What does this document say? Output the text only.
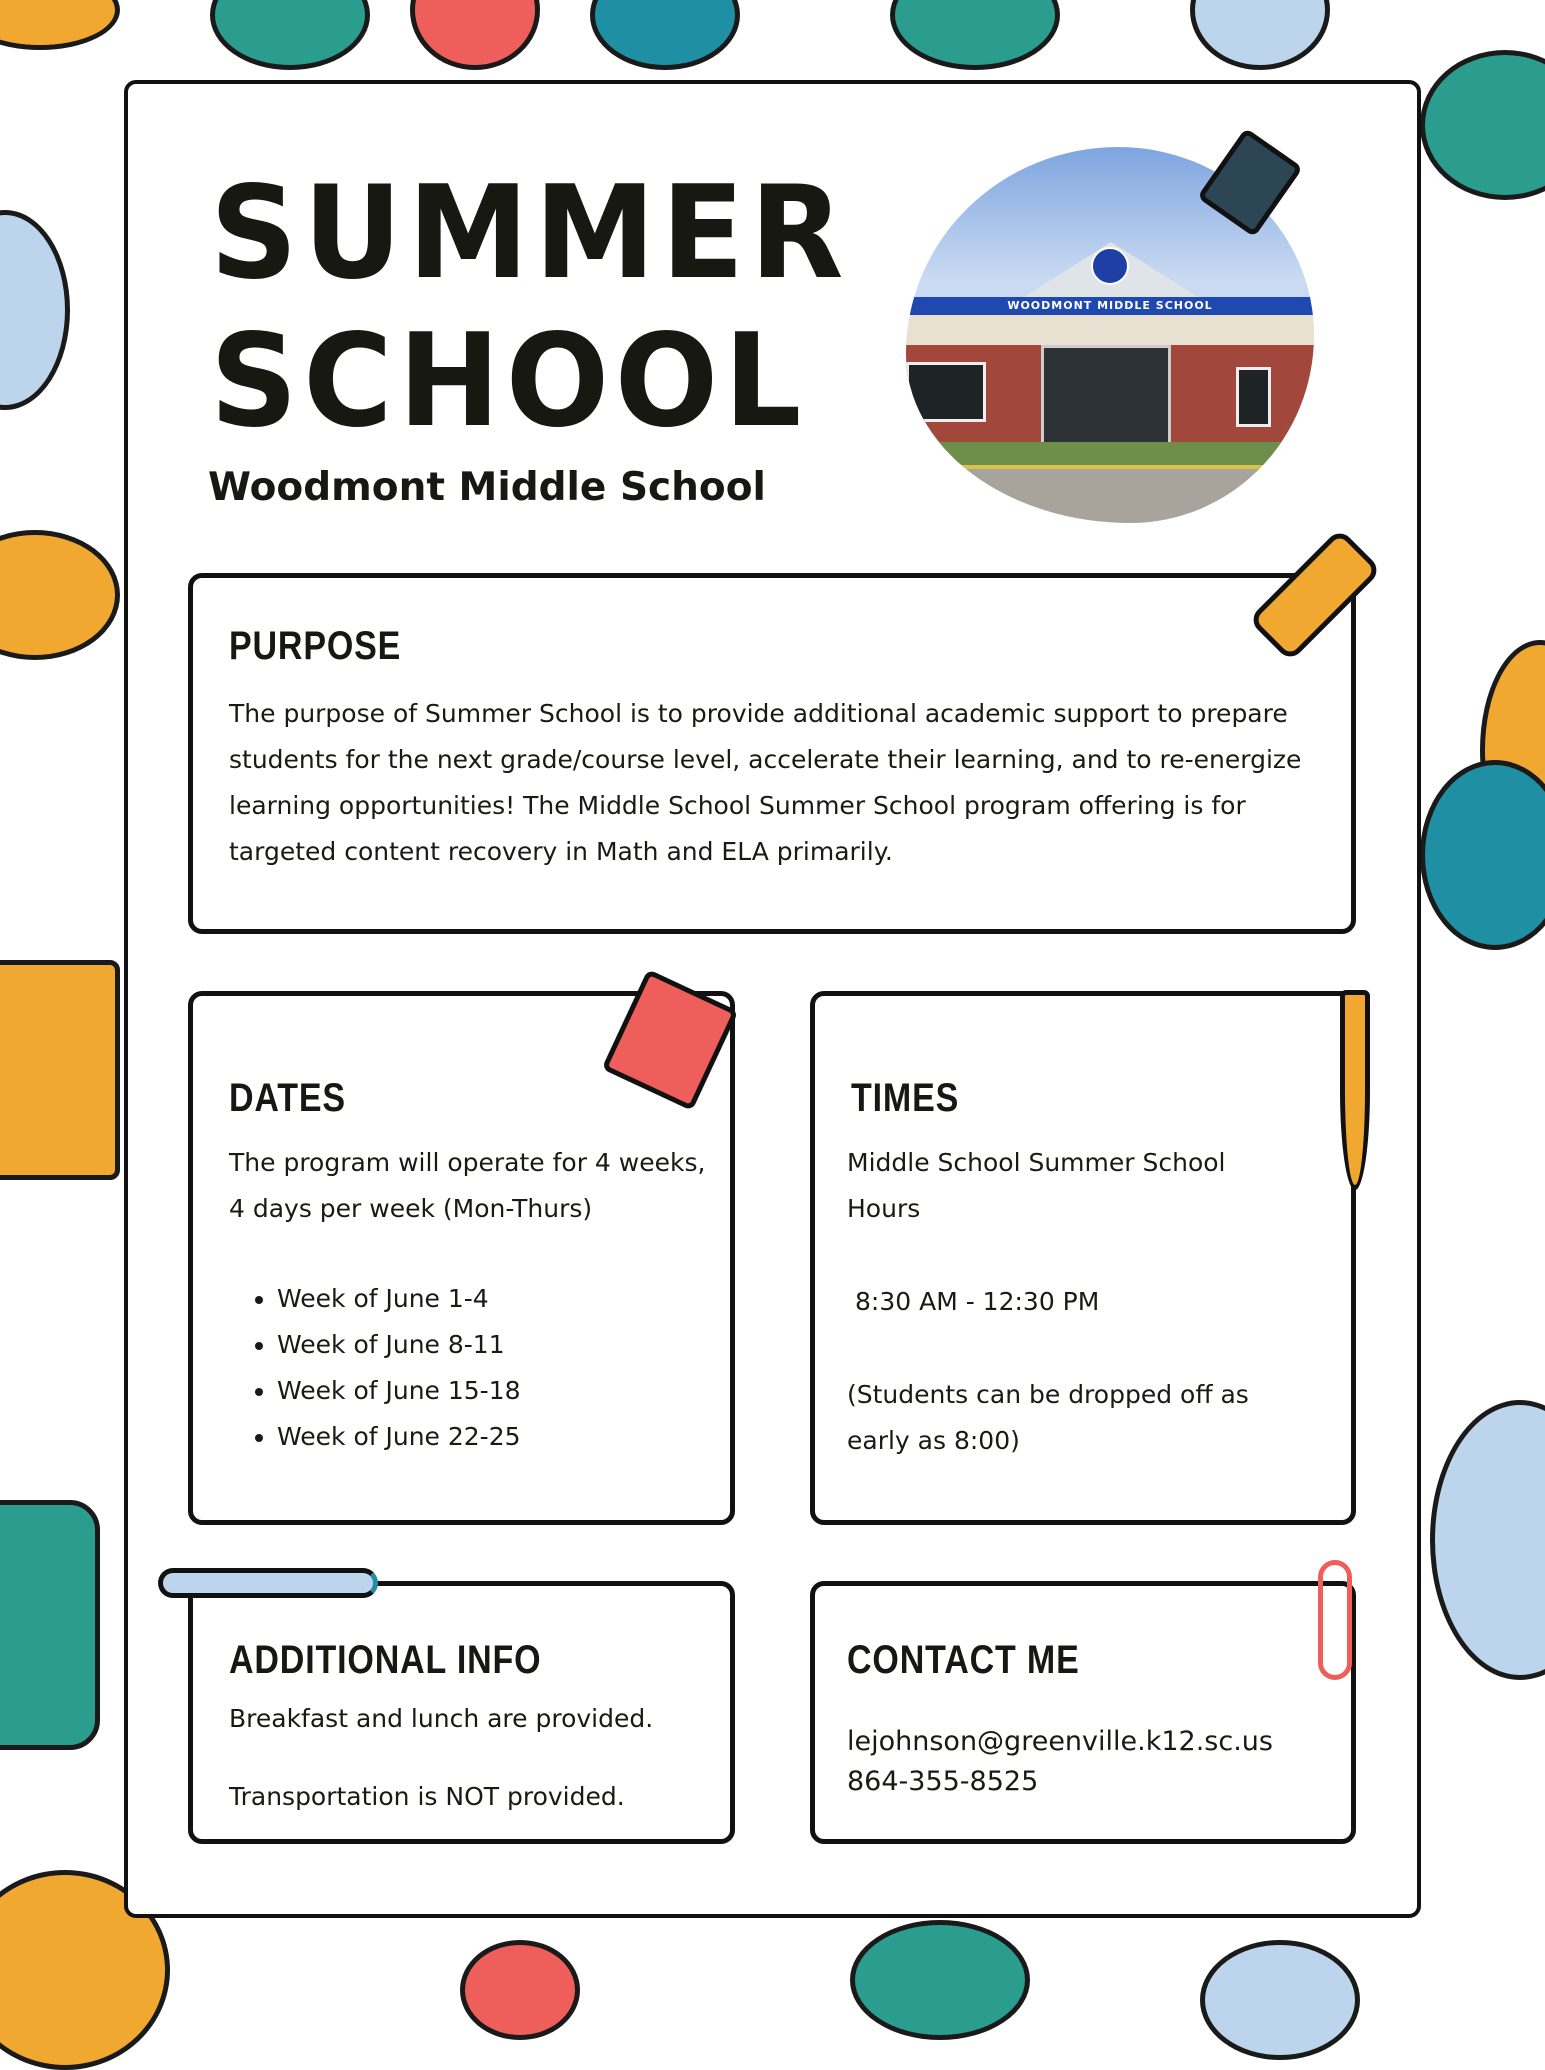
SUMMER
SCHOOL
Woodmont Middle School
WOODMONT MIDDLE SCHOOL
PURPOSE
The purpose of Summer School is to provide additional academic support to prepare
students for the next grade/course level, accelerate their learning, and to re-energize
learning opportunities! The Middle School Summer School program offering is for
targeted content recovery in Math and ELA primarily.
DATES
The program will operate for 4 weeks,
4 days per week (Mon-Thurs)
• Week of June 1-4
• Week of June 8-11
• Week of June 15-18
• Week of June 22-25
TIMES
Middle School Summer School
Hours
8:30 AM - 12:30 PM
(Students can be dropped off as
early as 8:00)
ADDITIONAL INFO
Breakfast and lunch are provided.
Transportation is NOT provided.
CONTACT ME
lejohnson@greenville.k12.sc.us
864-355-8525
